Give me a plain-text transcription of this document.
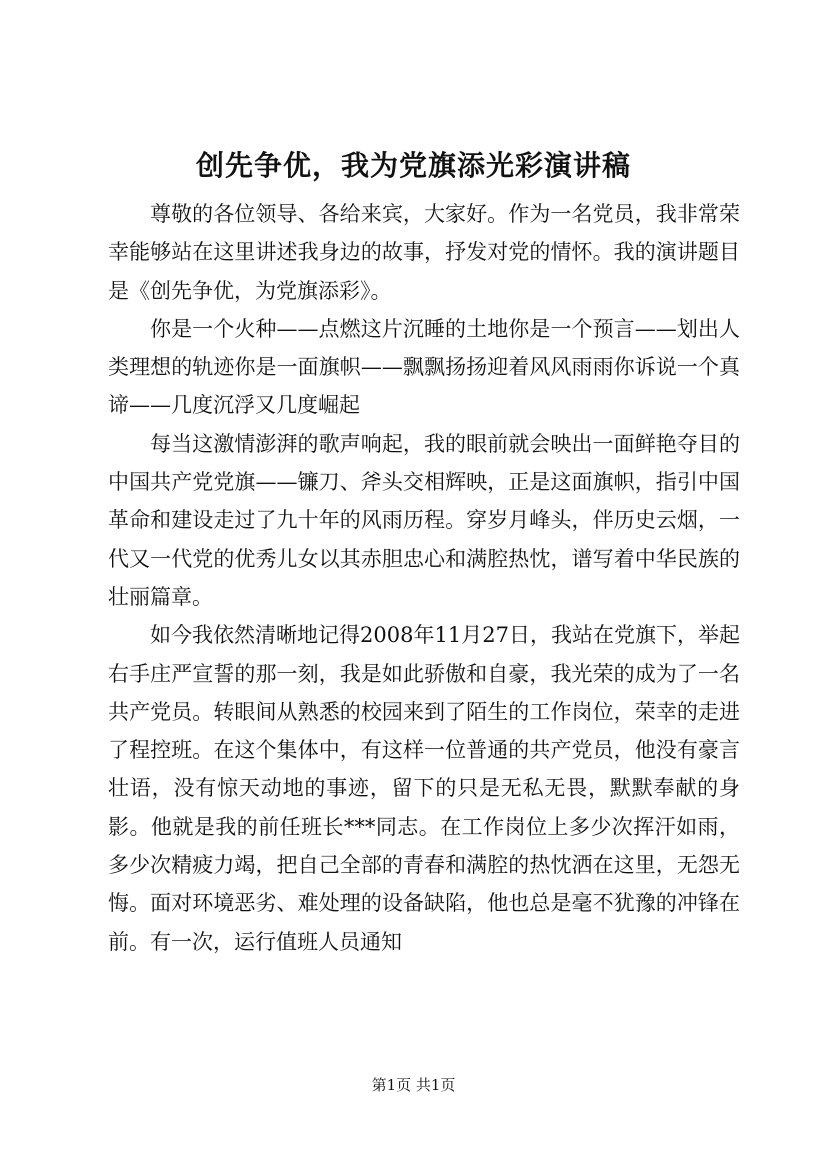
创先争优，我为党旗添光彩演讲稿

尊敬的各位领导、各给来宾，大家好。作为一名党员，我非常荣幸能够站在这里讲述我身边的故事，抒发对党的情怀。我的演讲题目是《创先争优，为党旗添彩》。

你是一个火种——点燃这片沉睡的土地你是一个预言——划出人类理想的轨迹你是一面旗帜——飘飘扬扬迎着风风雨雨你诉说一个真谛——几度沉浮又几度崛起

每当这激情澎湃的歌声响起，我的眼前就会映出一面鲜艳夺目的中国共产党党旗——镰刀、斧头交相辉映，正是这面旗帜，指引中国革命和建设走过了九十年的风雨历程。穿岁月峰头，伴历史云烟，一代又一代党的优秀儿女以其赤胆忠心和满腔热忱，谱写着中华民族的壮丽篇章。

如今我依然清晰地记得2008年11月27日，我站在党旗下，举起右手庄严宣誓的那一刻，我是如此骄傲和自豪，我光荣的成为了一名共产党员。转眼间从熟悉的校园来到了陌生的工作岗位，荣幸的走进了程控班。在这个集体中，有这样一位普通的共产党员，他没有豪言壮语，没有惊天动地的事迹，留下的只是无私无畏，默默奉献的身影。他就是我的前任班长***同志。在工作岗位上多少次挥汗如雨，多少次精疲力竭，把自己全部的青春和满腔的热忱洒在这里，无怨无悔。面对环境恶劣、难处理的设备缺陷，他也总是毫不犹豫的冲锋在前。有一次，运行值班人员通知

第1页 共1页
